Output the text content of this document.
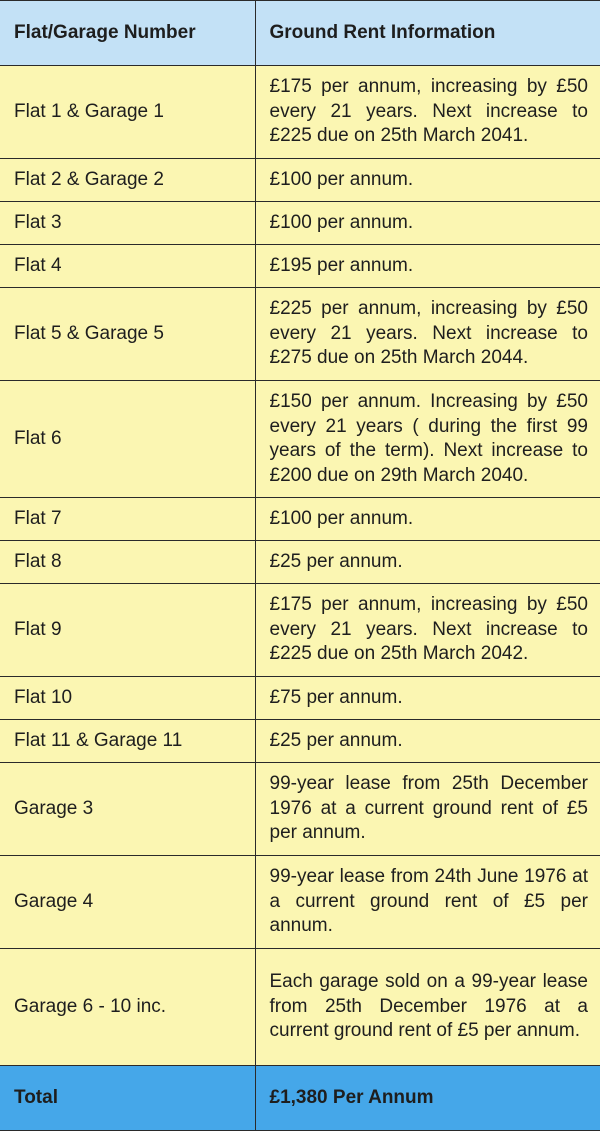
Flat/Garage Number	Ground Rent Information
Flat 1 & Garage 1	£175 per annum, increasing by £50 every 21 years. Next increase to £225 due on 25th March 2041.
Flat 2 & Garage 2	£100 per annum.
Flat 3	£100 per annum.
Flat 4	£195 per annum.
Flat 5 & Garage 5	£225 per annum, increasing by £50 every 21 years. Next increase to £275 due on 25th March 2044.
Flat 6	£150 per annum. Increasing by £50 every 21 years ( during the first 99 years of the term). Next increase to £200 due on 29th March 2040.
Flat 7	£100 per annum.
Flat 8	£25 per annum.
Flat 9	£175 per annum, increasing by £50 every 21 years. Next increase to £225 due on 25th March 2042.
Flat 10	£75 per annum.
Flat 11 & Garage 11	£25 per annum.
Garage 3	99-year lease from 25th December 1976 at a current ground rent of £5 per annum.
Garage 4	99-year lease from 24th June 1976 at a current ground rent of £5 per annum.
Garage 6 - 10 inc.	Each garage sold on a 99-year lease from 25th December 1976 at a current ground rent of £5 per annum.
Total	£1,380 Per Annum
